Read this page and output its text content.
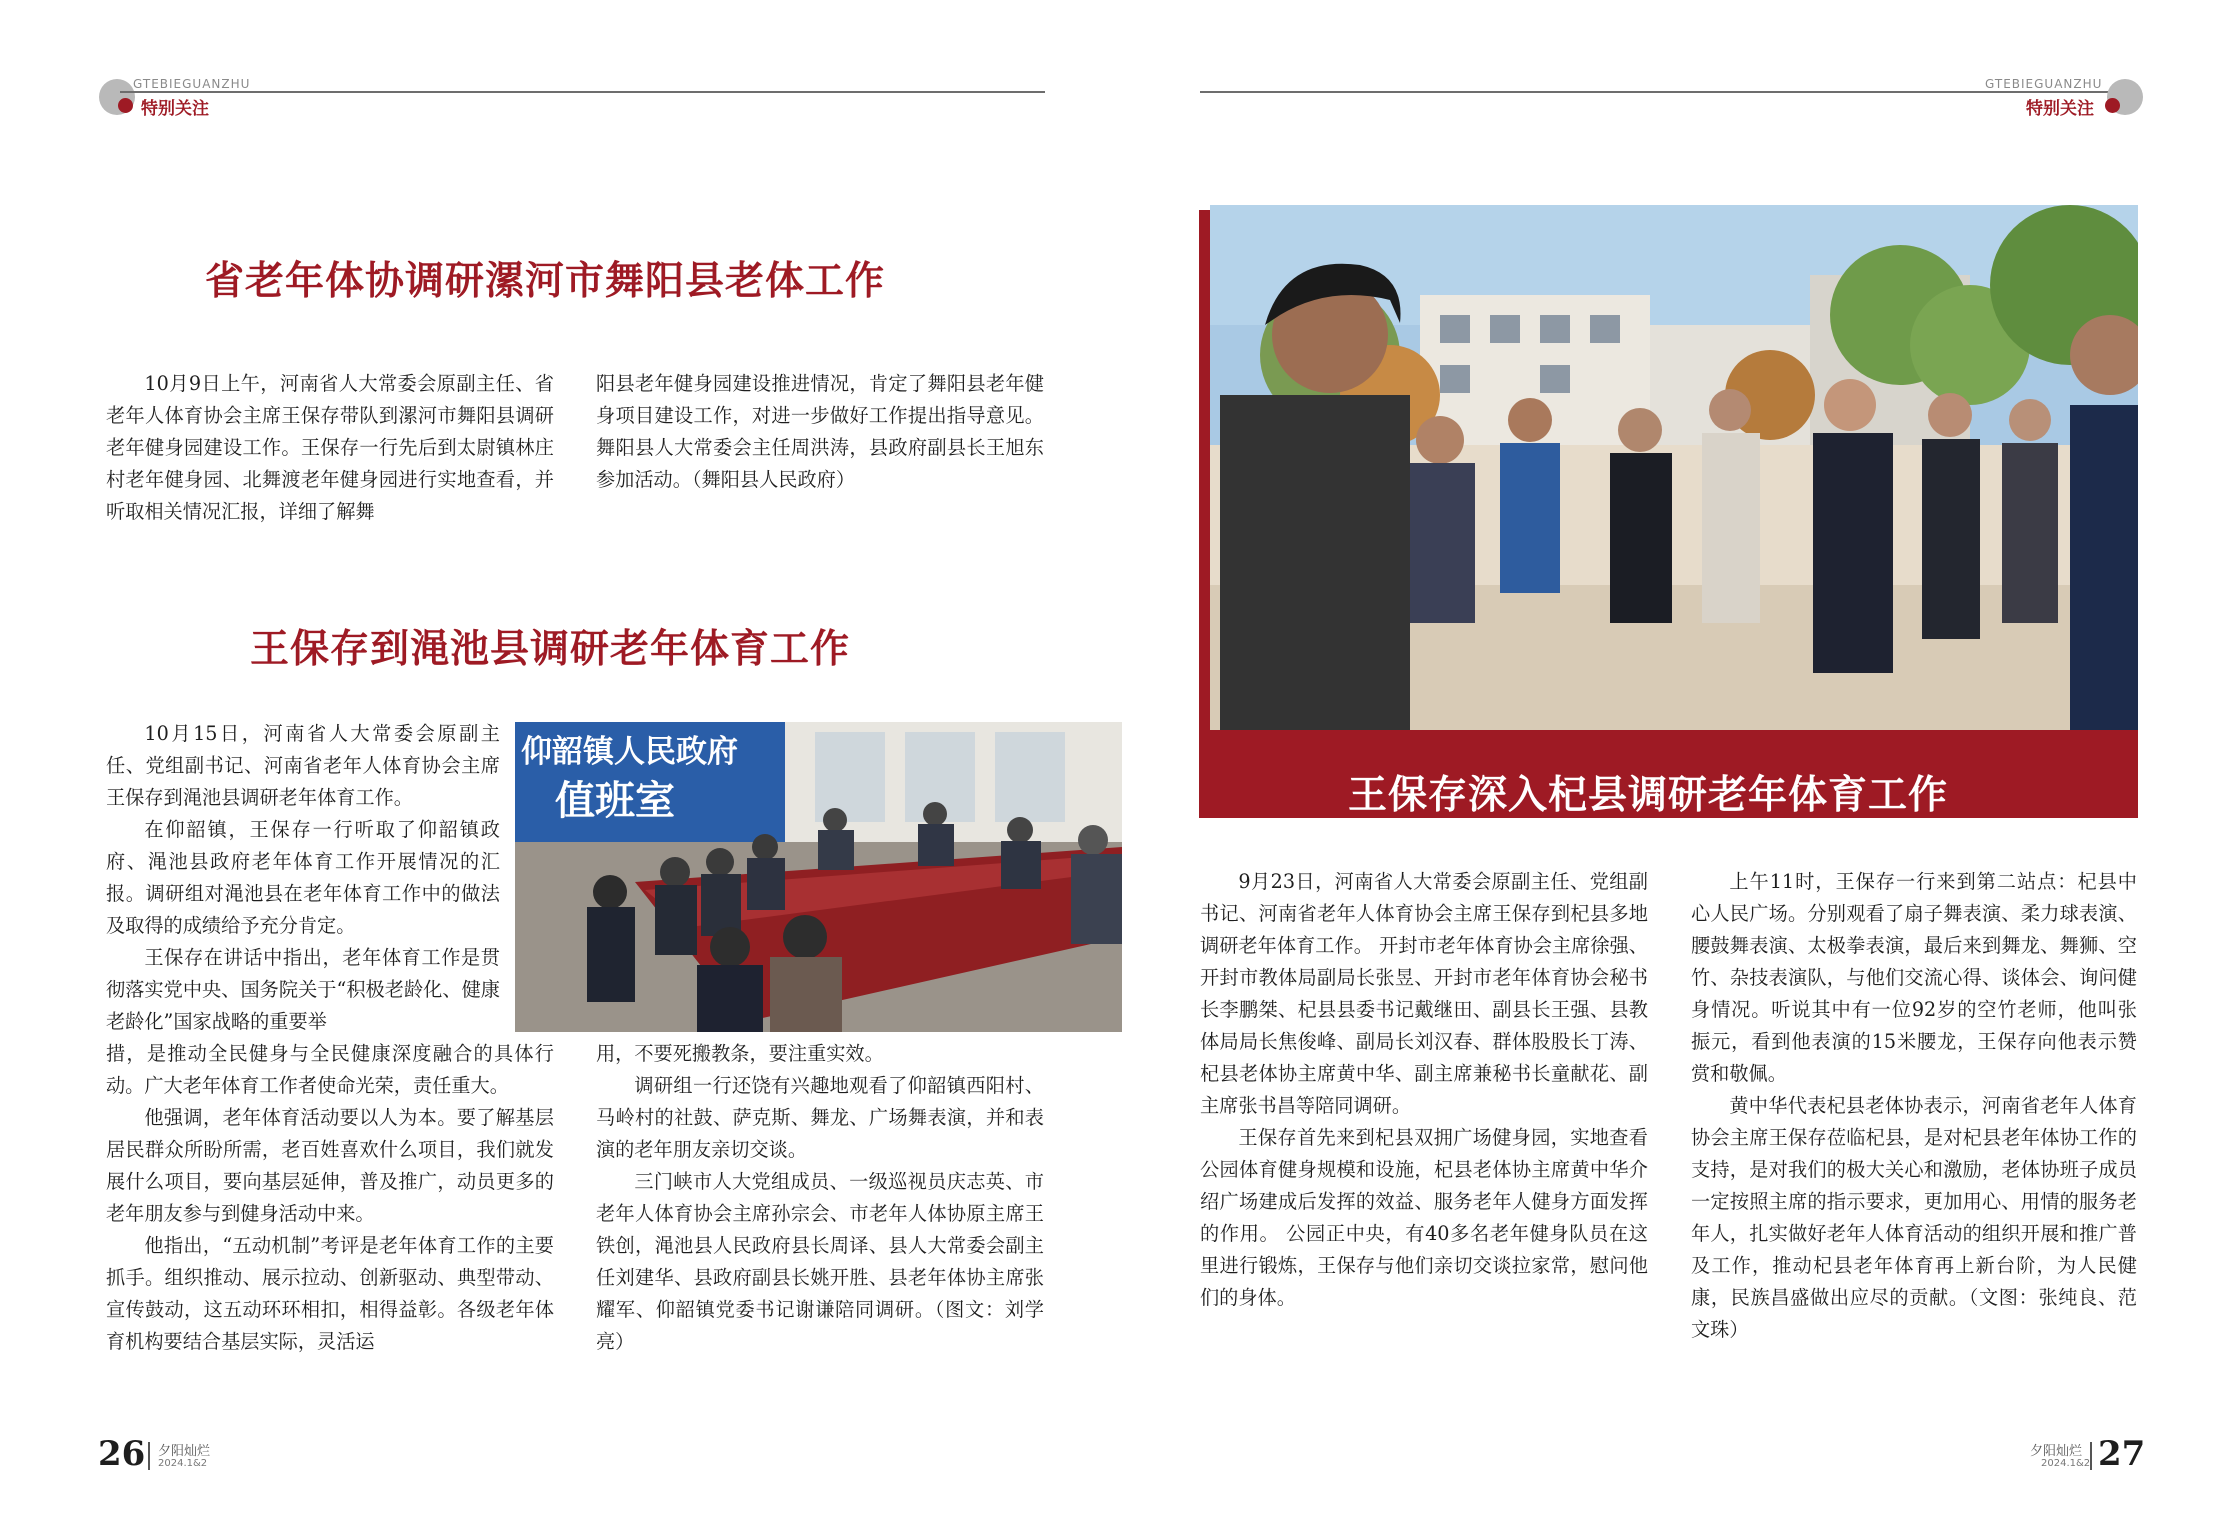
GTEBIEGUANZHU
特别关注
GTEBIEGUANZHU
特别关注
省老年体协调研漯河市舞阳县老体工作

10月9日上午，河南省人大常委会原副主任、省老年人体育协会主席王保存带队到漯河市舞阳县调研老年健身园建设工作。王保存一行先后到太尉镇林庄村老年健身园、北舞渡老年健身园进行实地查看，并听取相关情况汇报，详细了解舞

阳县老年健身园建设推进情况，肯定了舞阳县老年健身项目建设工作，对进一步做好工作提出指导意见。舞阳县人大常委会主任周洪涛，县政府副县长王旭东参加活动。（舞阳县人民政府）

王保存到渑池县调研老年体育工作
仰韶镇人民政府
值班室

10月15日，河南省人大常委会原副主任、党组副书记、河南省老年人体育协会主席王保存到渑池县调研老年体育工作。

在仰韶镇，王保存一行听取了仰韶镇政府、渑池县政府老年体育工作开展情况的汇报。调研组对渑池县在老年体育工作中的做法及取得的成绩给予充分肯定。

王保存在讲话中指出，老年体育工作是贯彻落实党中央、国务院关于“积极老龄化、健康老龄化”国家战略的重要举

措，是推动全民健身与全民健康深度融合的具体行动。广大老年体育工作者使命光荣，责任重大。

他强调，老年体育活动要以人为本。要了解基层居民群众所盼所需，老百姓喜欢什么项目，我们就发展什么项目，要向基层延伸，普及推广，动员更多的老年朋友参与到健身活动中来。

他指出，“五动机制”考评是老年体育工作的主要抓手。组织推动、展示拉动、创新驱动、典型带动、宣传鼓动，这五动环环相扣，相得益彰。各级老年体育机构要结合基层实际，灵活运

用，不要死搬教条，要注重实效。

调研组一行还饶有兴趣地观看了仰韶镇西阳村、马岭村的社鼓、萨克斯、舞龙、广场舞表演，并和表演的老年朋友亲切交谈。

三门峡市人大党组成员、一级巡视员庆志英、市老年人体育协会主席孙宗会、市老年人体协原主席王铁创，渑池县人民政府县长周译、县人大常委会副主任刘建华、县政府副县长姚开胜、县老年体协主席张耀军、仰韶镇党委书记谢谦陪同调研。（图文：刘学亮）

王保存深入杞县调研老年体育工作

9月23日，河南省人大常委会原副主任、党组副书记、河南省老年人体育协会主席王保存到杞县多地调研老年体育工作。 开封市老年体育协会主席徐强、开封市教体局副局长张昱、开封市老年体育协会秘书长李鹏桀、杞县县委书记戴继田、副县长王强、县教体局局长焦俊峰、副局长刘汉春、群体股股长丁涛、杞县老体协主席黄中华、副主席兼秘书长童献花、副主席张书昌等陪同调研。

王保存首先来到杞县双拥广场健身园，实地查看公园体育健身规模和设施，杞县老体协主席黄中华介绍广场建成后发挥的效益、服务老年人健身方面发挥的作用。 公园正中央，有40多名老年健身队员在这里进行锻炼，王保存与他们亲切交谈拉家常，慰问他们的身体。

上午11时，王保存一行来到第二站点：杞县中心人民广场。分别观看了扇子舞表演、柔力球表演、腰鼓舞表演、太极拳表演，最后来到舞龙、舞狮、空竹、杂技表演队，与他们交流心得、谈体会、询问健身情况。听说其中有一位92岁的空竹老师，他叫张振元，看到他表演的15米腰龙，王保存向他表示赞赏和敬佩。

黄中华代表杞县老体协表示，河南省老年人体育协会主席王保存莅临杞县，是对杞县老年体协工作的支持，是对我们的极大关心和激励，老体协班子成员一定按照主席的指示要求，更加用心、用情的服务老年人，扎实做好老年人体育活动的组织开展和推广普及工作，推动杞县老年体育再上新台阶，为人民健康，民族昌盛做出应尽的贡献。（文图：张纯良、范文珠）

26 夕阳灿烂
2024.1&2
夕阳灿烂
2024.1&2 27
